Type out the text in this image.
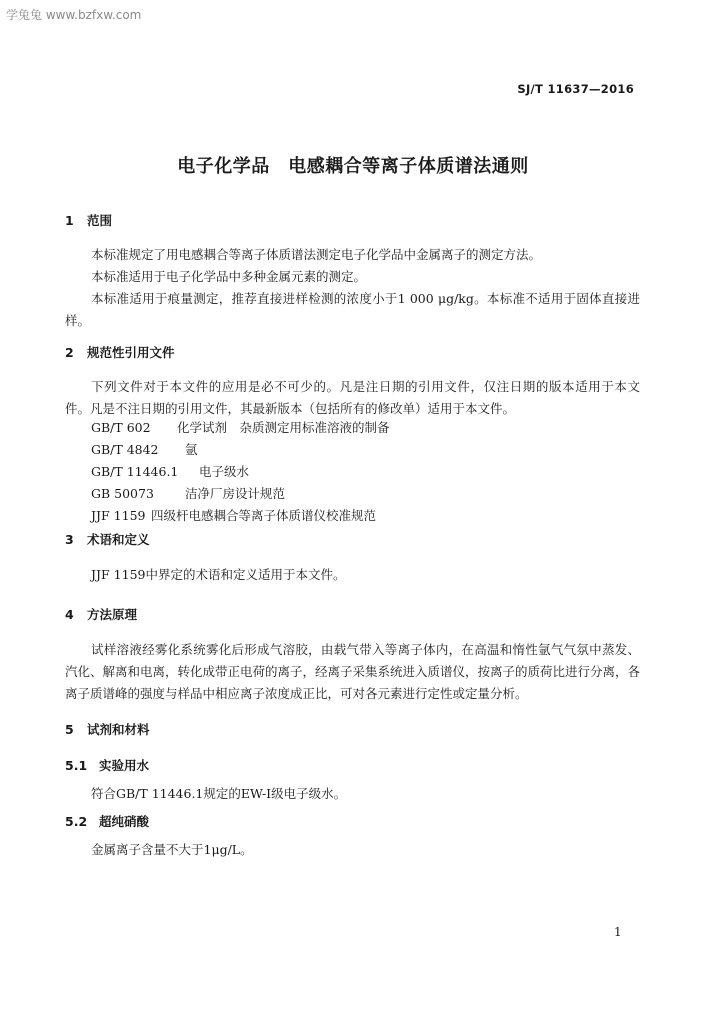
学兔兔 www.bzfxw.com
SJ/T 11637—2016
电子化学品　电感耦合等离子体质谱法通则
1 范围
本标准规定了用电感耦合等离子体质谱法测定电子化学品中金属离子的测定方法。
本标准适用于电子化学品中多种金属元素的测定。
本标准适用于痕量测定，推荐直接进样检测的浓度小于1 000 μg/kg。本标准不适用于固体直接进样。
2 规范性引用文件
下列文件对于本文件的应用是必不可少的。凡是注日期的引用文件，仅注日期的版本适用于本文件。凡是不注日期的引用文件，其最新版本（包括所有的修改单）适用于本文件。
GB/T 602 化学试剂　杂质测定用标准溶液的制备
GB/T 4842 氩
GB/T 11446.1 电子级水
GB 50073 洁净厂房设计规范
JJF 1159 四级杆电感耦合等离子体质谱仪校准规范
3 术语和定义
JJF 1159中界定的术语和定义适用于本文件。
4 方法原理
试样溶液经雾化系统雾化后形成气溶胶，由载气带入等离子体内，在高温和惰性氩气气氛中蒸发、汽化、解离和电离，转化成带正电荷的离子，经离子采集系统进入质谱仪，按离子的质荷比进行分离，各离子质谱峰的强度与样品中相应离子浓度成正比，可对各元素进行定性或定量分析。
5 试剂和材料
5.1 实验用水
符合GB/T 11446.1规定的EW-Ⅰ级电子级水。
5.2 超纯硝酸
金属离子含量不大于1μg/L。
1
